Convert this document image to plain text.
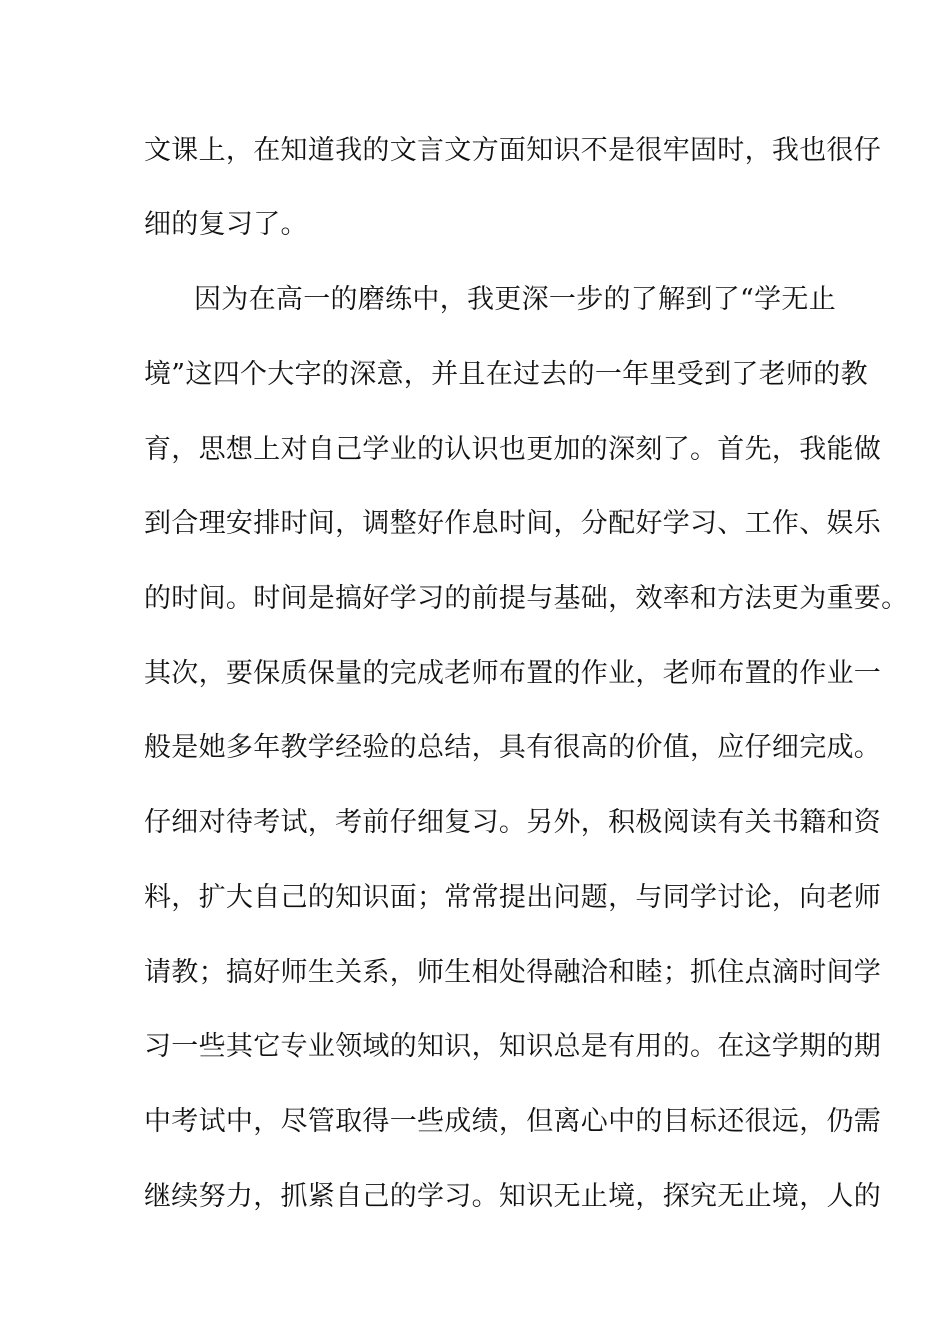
文课上，在知道我的文言文方面知识不是很牢固时，我也很仔
细的复习了。
因为在高一的磨练中，我更深一步的了解到了“学无止
境”这四个大字的深意，并且在过去的一年里受到了老师的教
育，思想上对自己学业的认识也更加的深刻了。首先，我能做
到合理安排时间，调整好作息时间，分配好学习、工作、娱乐
的时间。时间是搞好学习的前提与基础，效率和方法更为重要。
其次，要保质保量的完成老师布置的作业，老师布置的作业一
般是她多年教学经验的总结，具有很高的价值，应仔细完成。
仔细对待考试，考前仔细复习。另外，积极阅读有关书籍和资
料，扩大自己的知识面；常常提出问题，与同学讨论，向老师
请教；搞好师生关系，师生相处得融洽和睦；抓住点滴时间学
习一些其它专业领域的知识，知识总是有用的。在这学期的期
中考试中，尽管取得一些成绩，但离心中的目标还很远，仍需
继续努力，抓紧自己的学习。知识无止境，探究无止境，人的
